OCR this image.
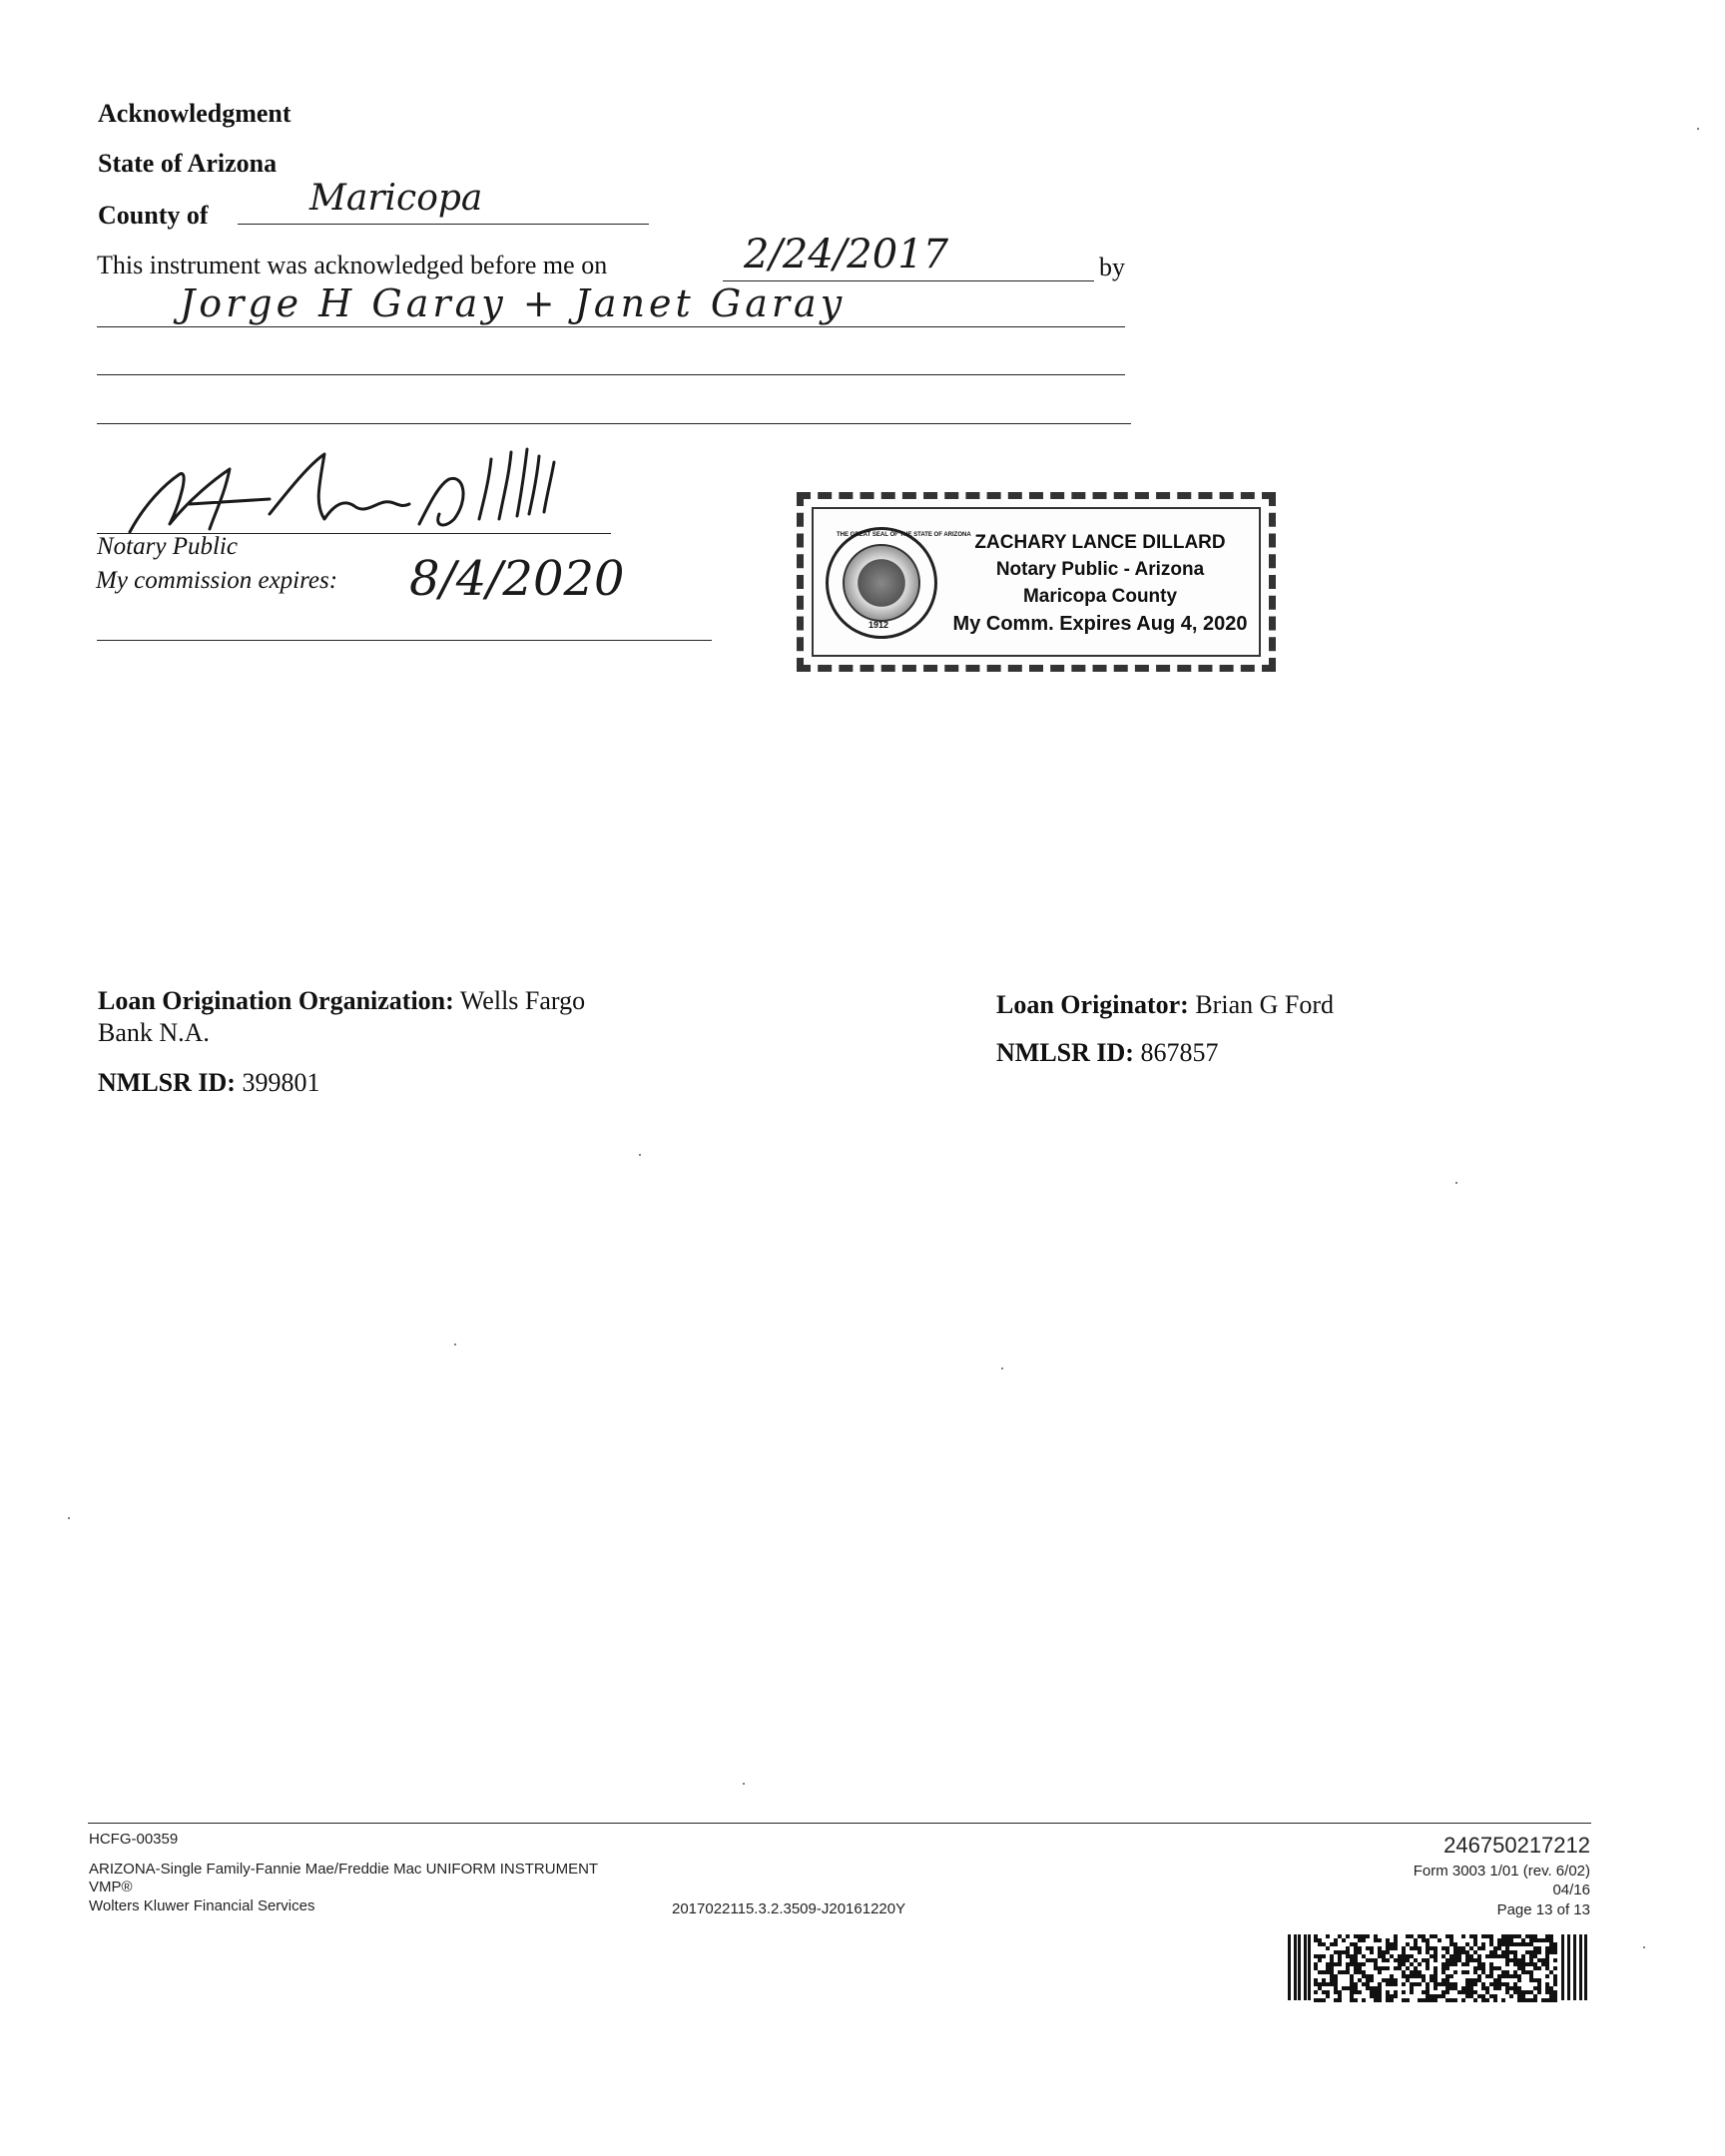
Acknowledgment
State of Arizona
County of	Maricopa
This instrument was acknowledged before me on	2/24/2017	by
Jorge H Garay + Janet Garay
Notary Public
My commission expires: 8/4/2020
1912
THE GREAT SEAL OF THE STATE OF ARIZONA ZACHARY LANCE DILLARD
Notary Public - Arizona
Maricopa County
My Comm. Expires Aug 4, 2020
Loan Origination Organization: Wells Fargo
Bank N.A.
NMLSR ID: 399801
Loan Originator: Brian G Ford
NMLSR ID: 867857
HCFG-00359
ARIZONA-Single Family-Fannie Mae/Freddie Mac UNIFORM INSTRUMENT
VMP®
Wolters Kluwer Financial Services	2017022115.3.2.3509-J20161220Y
246750217212
Form 3003 1/01 (rev. 6/02)
04/16
Page 13 of 13
